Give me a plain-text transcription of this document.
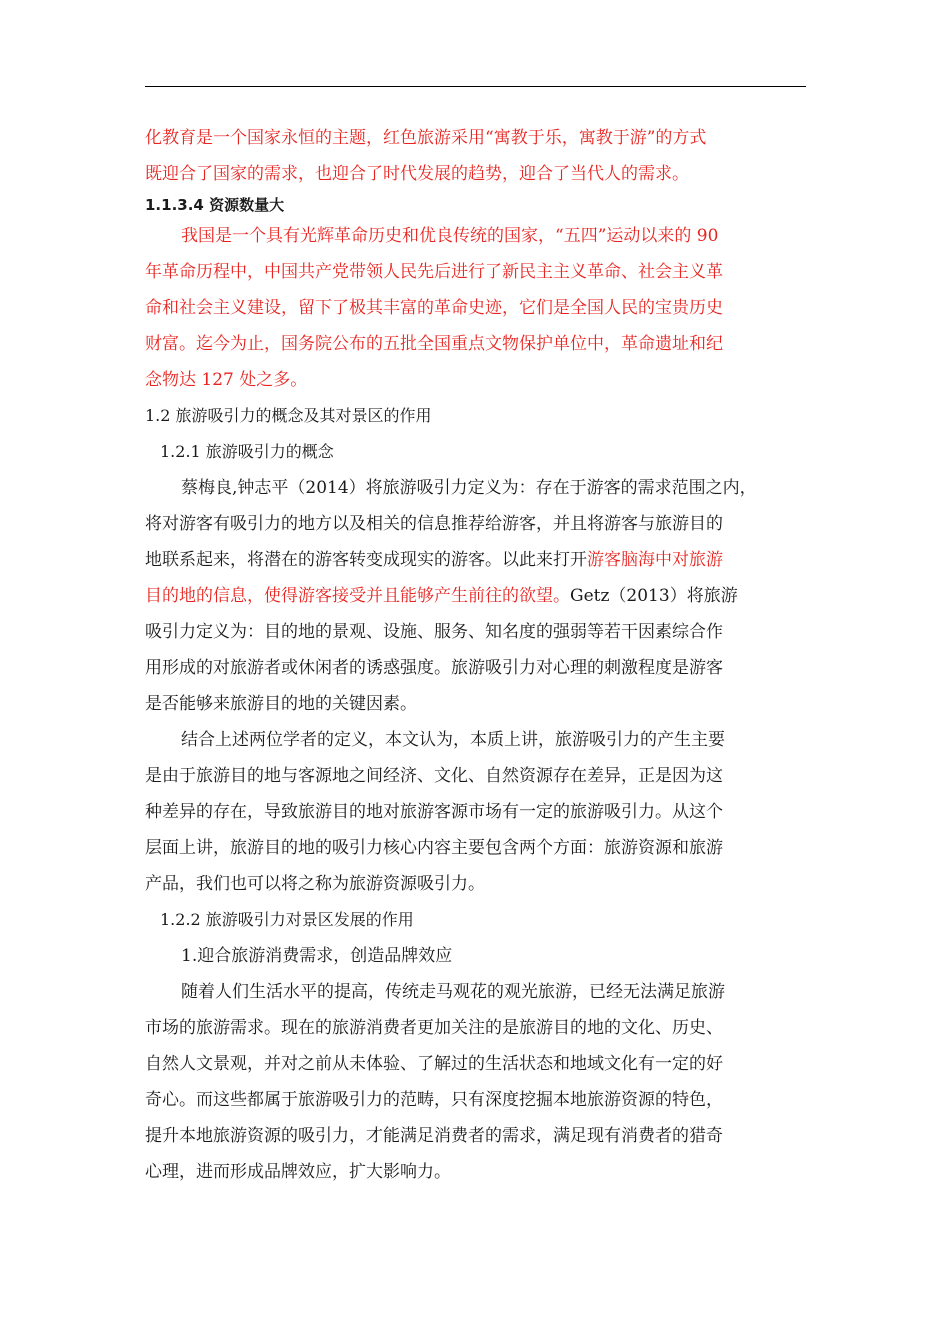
化教育是一个国家永恒的主题，红色旅游采用“寓教于乐，寓教于游”的方式
既迎合了国家的需求，也迎合了时代发展的趋势，迎合了当代人的需求。
1.1.3.4 资源数量大
我国是一个具有光辉革命历史和优良传统的国家，“五四”运动以来的 90
年革命历程中，中国共产党带领人民先后进行了新民主主义革命、社会主义革
命和社会主义建设，留下了极其丰富的革命史迹，它们是全国人民的宝贵历史
财富。迄今为止，国务院公布的五批全国重点文物保护单位中，革命遗址和纪
念物达 127 处之多。
1.2 旅游吸引力的概念及其对景区的作用
1.2.1 旅游吸引力的概念
蔡梅良,钟志平（2014）将旅游吸引力定义为：存在于游客的需求范围之内，
将对游客有吸引力的地方以及相关的信息推荐给游客，并且将游客与旅游目的
地联系起来，将潜在的游客转变成现实的游客。以此来打开游客脑海中对旅游
目的地的信息，使得游客接受并且能够产生前往的欲望。Getz（2013）将旅游
吸引力定义为：目的地的景观、设施、服务、知名度的强弱等若干因素综合作
用形成的对旅游者或休闲者的诱惑强度。旅游吸引力对心理的刺激程度是游客
是否能够来旅游目的地的关键因素。
结合上述两位学者的定义，本文认为，本质上讲，旅游吸引力的产生主要
是由于旅游目的地与客源地之间经济、文化、自然资源存在差异，正是因为这
种差异的存在，导致旅游目的地对旅游客源市场有一定的旅游吸引力。从这个
层面上讲，旅游目的地的吸引力核心内容主要包含两个方面：旅游资源和旅游
产品，我们也可以将之称为旅游资源吸引力。
1.2.2 旅游吸引力对景区发展的作用
1.迎合旅游消费需求，创造品牌效应
随着人们生活水平的提高，传统走马观花的观光旅游，已经无法满足旅游
市场的旅游需求。现在的旅游消费者更加关注的是旅游目的地的文化、历史、
自然人文景观，并对之前从未体验、了解过的生活状态和地域文化有一定的好
奇心。而这些都属于旅游吸引力的范畴，只有深度挖掘本地旅游资源的特色，
提升本地旅游资源的吸引力，才能满足消费者的需求，满足现有消费者的猎奇
心理，进而形成品牌效应，扩大影响力。
